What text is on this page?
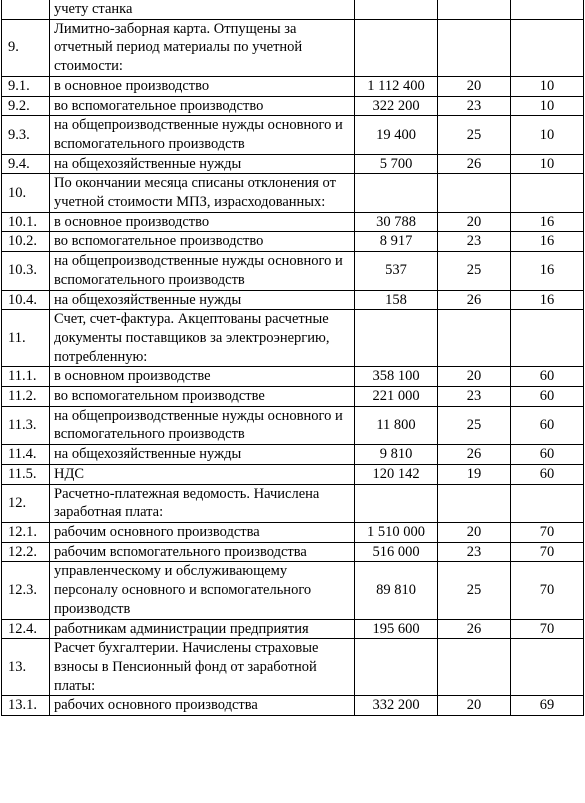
	учету станка			
9.	Лимитно-заборная карта. Отпущены за отчетный период материалы по учетной стоимости:			
9.1.	в основное производство	1 112 400	20	10
9.2.	во вспомогательное производство	322 200	23	10
9.3.	на общепроизводственные нужды основного и вспомогательного производств	19 400	25	10
9.4.	на общехозяйственные нужды	5 700	26	10
10.	По окончании месяца списаны отклонения от учетной стоимости МПЗ, израсходованных:			
10.1.	в основное производство	30 788	20	16
10.2.	во вспомогательное производство	8 917	23	16
10.3.	на общепроизводственные нужды основного и вспомогательного производств	537	25	16
10.4.	на общехозяйственные нужды	158	26	16
11.	Счет, счет-фактура. Акцептованы расчетные документы поставщиков за электроэнергию, потребленную:			
11.1.	в основном производстве	358 100	20	60
11.2.	во вспомогательном производстве	221 000	23	60
11.3.	на общепроизводственные нужды основного и вспомогательного производств	11 800	25	60
11.4.	на общехозяйственные нужды	9 810	26	60
11.5.	НДС	120 142	19	60
12.	Расчетно-платежная ведомость. Начислена заработная плата:			
12.1.	рабочим основного производства	1 510 000	20	70
12.2.	рабочим вспомогательного производства	516 000	23	70
12.3.	управленческому и обслуживающему персоналу основного и вспомогательного производств	89 810	25	70
12.4.	работникам администрации предприятия	195 600	26	70
13.	Расчет бухгалтерии. Начислены страховые взносы в Пенсионный фонд от заработной платы:			
13.1.	рабочих основного производства	332 200	20	69
